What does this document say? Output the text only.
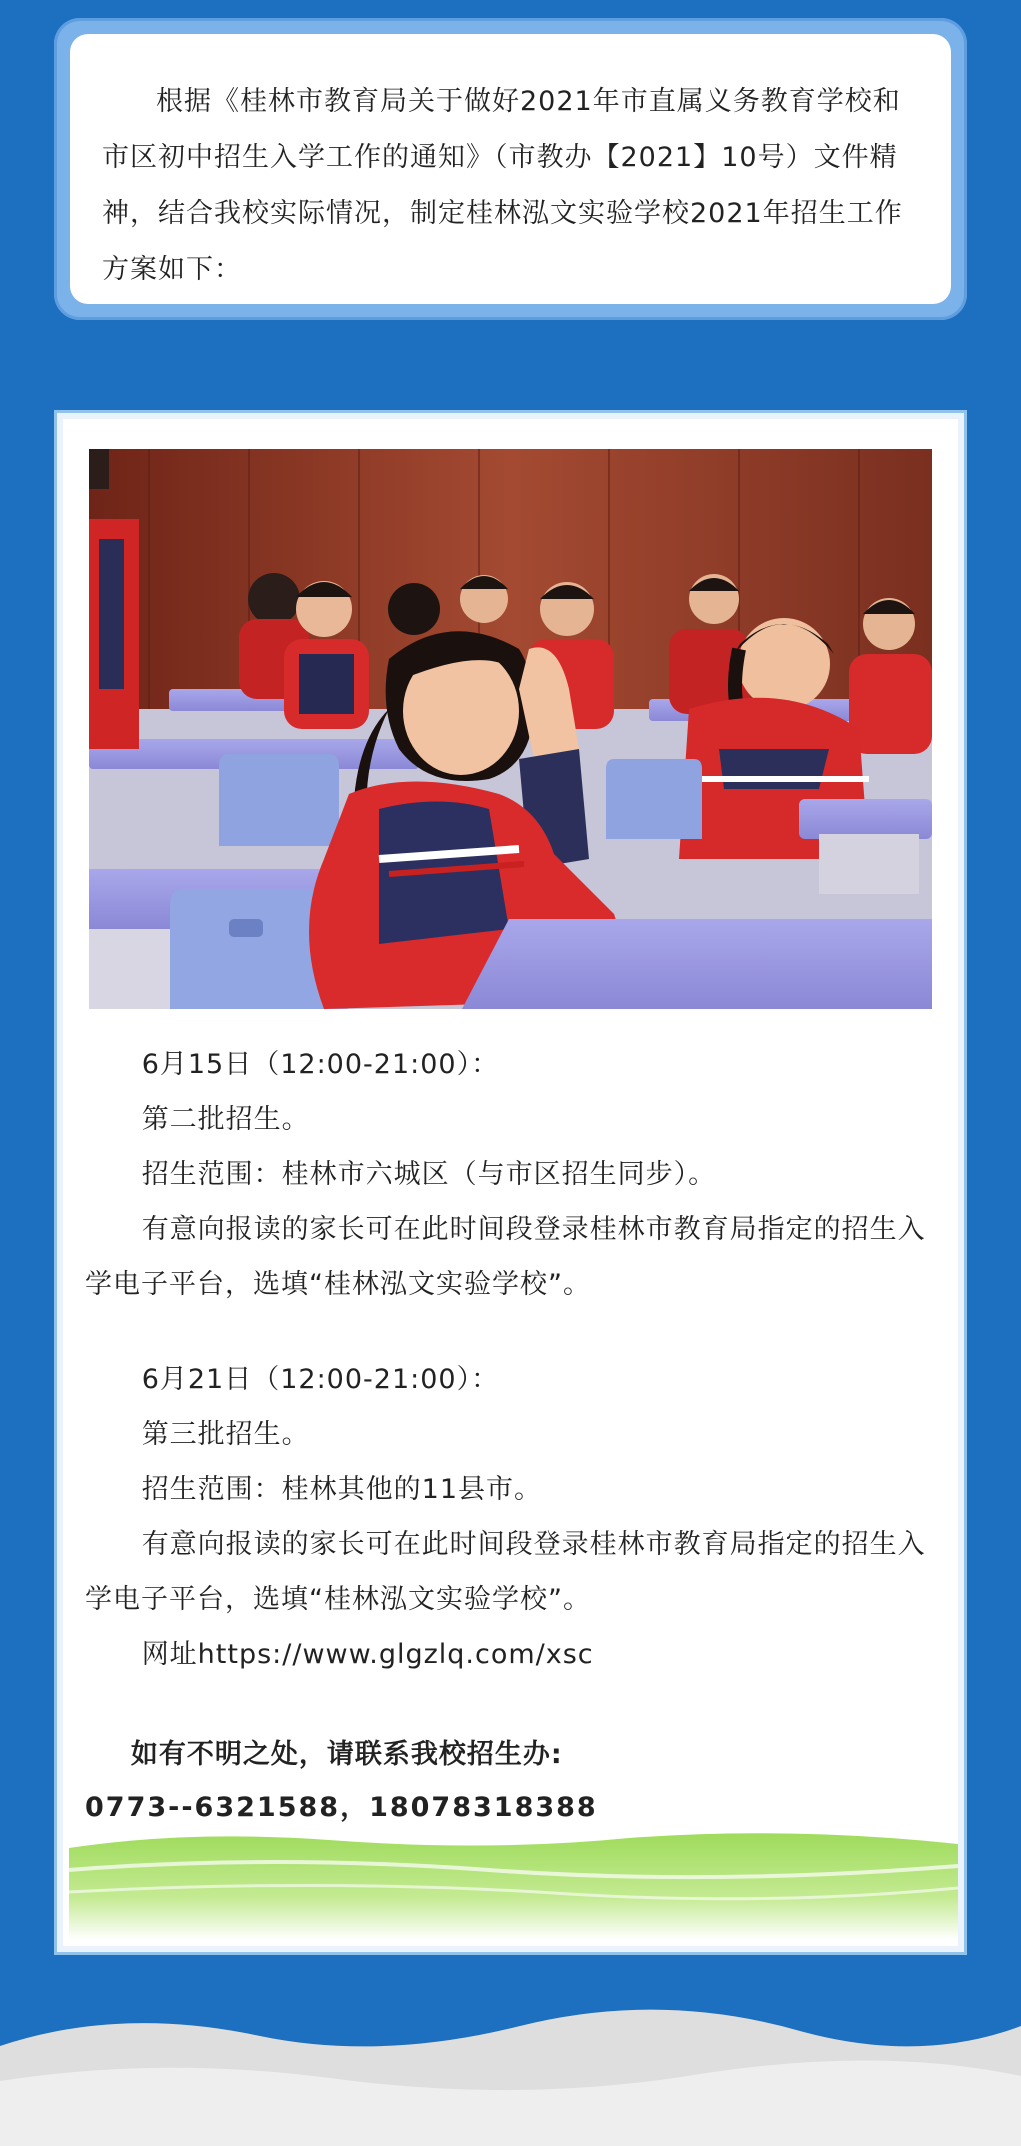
根据《桂林市教育局关于做好2021年市直属义务教育学校和市区初中招生入学工作的通知》（市教办【2021】10号）文件精神，结合我校实际情况，制定桂林泓文实验学校2021年招生工作方案如下：

6月15日（12:00-21:00）：

第二批招生。

招生范围：桂林市六城区（与市区招生同步）。

有意向报读的家长可在此时间段登录桂林市教育局指定的招生入学电子平台，选填“桂林泓文实验学校”。

6月21日（12:00-21:00）：

第三批招生。

招生范围：桂林其他的11县市。

有意向报读的家长可在此时间段登录桂林市教育局指定的招生入学电子平台，选填“桂林泓文实验学校”。

网址https://www.glgzlq.com/xsc

如有不明之处，请联系我校招生办:

0773--6321588，18078318388
